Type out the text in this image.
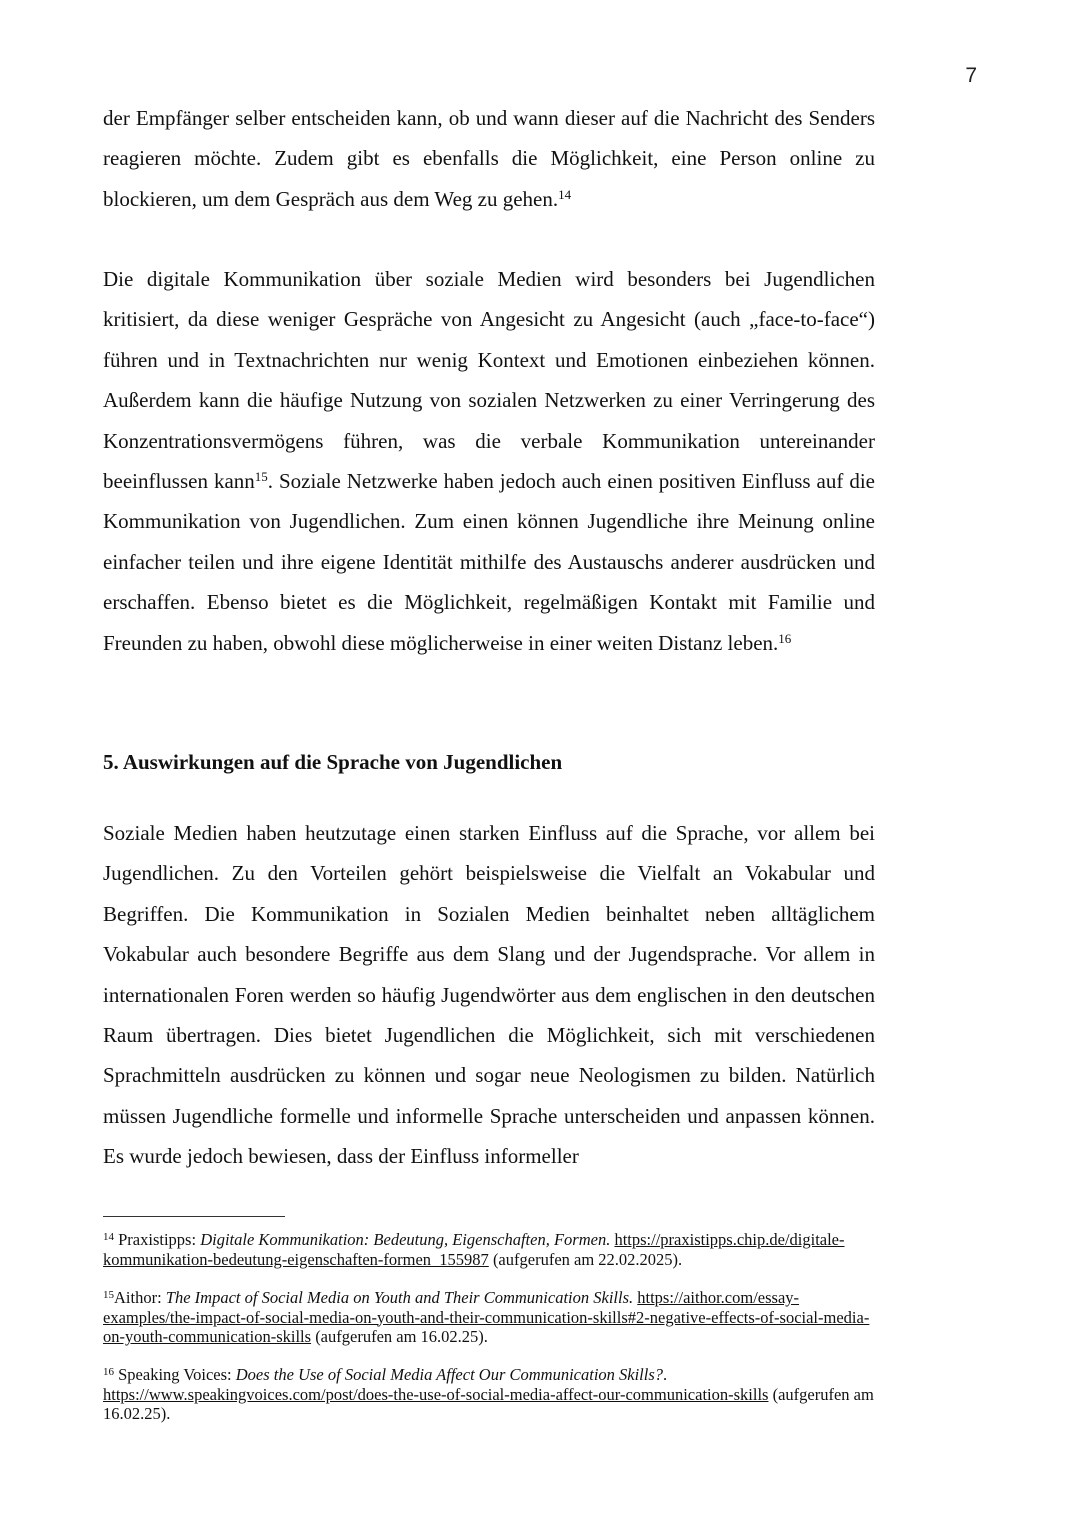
7

der Empfänger selber entscheiden kann, ob und wann dieser auf die Nachricht des Senders reagieren möchte. Zudem gibt es ebenfalls die Möglichkeit, eine Person online zu blockieren, um dem Gespräch aus dem Weg zu gehen.$^{14}$

Die digitale Kommunikation über soziale Medien wird besonders bei Jugendlichen kritisiert, da diese weniger Gespräche von Angesicht zu Angesicht (auch „face-to-face“) führen und in Textnachrichten nur wenig Kontext und Emotionen einbeziehen können. Außerdem kann die häufige Nutzung von sozialen Netzwerken zu einer Verringerung des Konzentrationsvermögens führen, was die verbale Kommunikation untereinander beeinflussen kann$^{15}$. Soziale Netzwerke haben jedoch auch einen positiven Einfluss auf die Kommunikation von Jugendlichen. Zum einen können Jugendliche ihre Meinung online einfacher teilen und ihre eigene Identität mithilfe des Austauschs anderer ausdrücken und erschaffen. Ebenso bietet es die Möglichkeit, regelmäßigen Kontakt mit Familie und Freunden zu haben, obwohl diese möglicherweise in einer weiten Distanz leben.$^{16}$

5. Auswirkungen auf die Sprache von Jugendlichen

Soziale Medien haben heutzutage einen starken Einfluss auf die Sprache, vor allem bei Jugendlichen. Zu den Vorteilen gehört beispielsweise die Vielfalt an Vokabular und Begriffen. Die Kommunikation in Sozialen Medien beinhaltet neben alltäglichem Vokabular auch besondere Begriffe aus dem Slang und der Jugendsprache. Vor allem in internationalen Foren werden so häufig Jugendwörter aus dem englischen in den deutschen Raum übertragen. Dies bietet Jugendlichen die Möglichkeit, sich mit verschiedenen Sprachmitteln ausdrücken zu können und sogar neue Neologismen zu bilden. Natürlich müssen Jugendliche formelle und informelle Sprache unterscheiden und anpassen können. Es wurde jedoch bewiesen, dass der Einfluss informeller

$^{14}$ Praxistipps: Digitale Kommunikation: Bedeutung, Eigenschaften, Formen. https://praxistipps.chip.de/digitale-kommunikation-bedeutung-eigenschaften-formen_155987 (aufgerufen am 22.02.2025).

$^{15}$Aithor: The Impact of Social Media on Youth and Their Communication Skills. https://aithor.com/essay-examples/the-impact-of-social-media-on-youth-and-their-communication-skills#2-negative-effects-of-social-media-on-youth-communication-skills (aufgerufen am 16.02.25).

$^{16}$ Speaking Voices: Does the Use of Social Media Affect Our Communication Skills?. https://www.speakingvoices.com/post/does-the-use-of-social-media-affect-our-communication-skills (aufgerufen am 16.02.25).
